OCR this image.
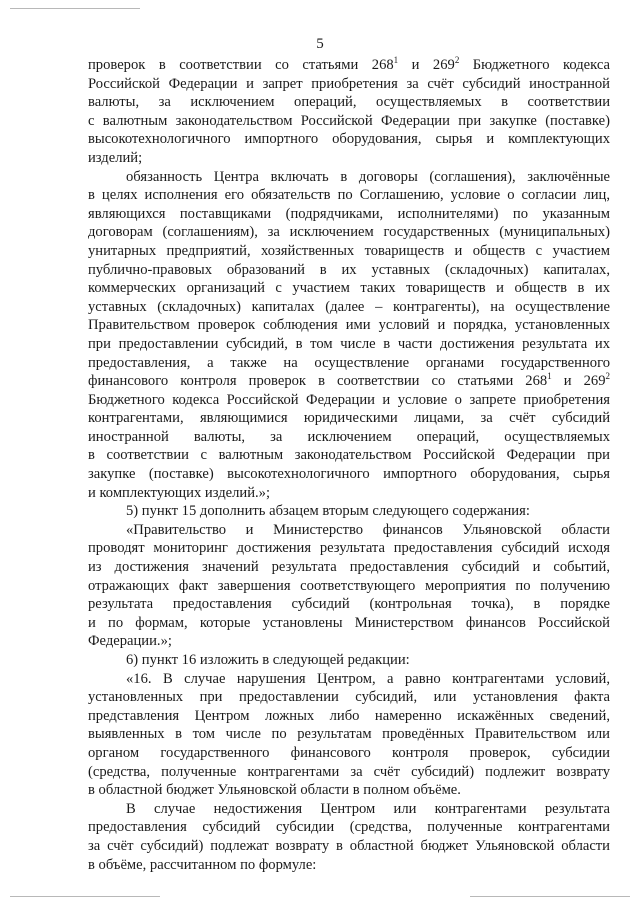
5
проверок в соответствии со статьями $268^1$ и $269^2$ Бюджетного кодекса
Российской Федерации и запрет приобретения за счёт субсидий иностранной
валюты, за исключением операций, осуществляемых в соответствии
с валютным законодательством Российской Федерации при закупке (поставке)
высокотехнологичного импортного оборудования, сырья и комплектующих
изделий;
обязанность Центра включать в договоры (соглашения), заключённые
в целях исполнения его обязательств по Соглашению, условие о согласии лиц,
являющихся поставщиками (подрядчиками, исполнителями) по указанным
договорам (соглашениям), за исключением государственных (муниципальных)
унитарных предприятий, хозяйственных товариществ и обществ с участием
публично-правовых образований в их уставных (складочных) капиталах,
коммерческих организаций с участием таких товариществ и обществ в их
уставных (складочных) капиталах (далее – контрагенты), на осуществление
Правительством проверок соблюдения ими условий и порядка, установленных
при предоставлении субсидий, в том числе в части достижения результата их
предоставления, а также на осуществление органами государственного
финансового контроля проверок в соответствии со статьями $268^1$ и $269^2$
Бюджетного кодекса Российской Федерации и условие о запрете приобретения
контрагентами, являющимися юридическими лицами, за счёт субсидий
иностранной валюты, за исключением операций, осуществляемых
в соответствии с валютным законодательством Российской Федерации при
закупке (поставке) высокотехнологичного импортного оборудования, сырья
и комплектующих изделий.»;
5) пункт 15 дополнить абзацем вторым следующего содержания:
«Правительство и Министерство финансов Ульяновской области
проводят мониторинг достижения результата предоставления субсидий исходя
из достижения значений результата предоставления субсидий и событий,
отражающих факт завершения соответствующего мероприятия по получению
результата предоставления субсидий (контрольная точка), в порядке
и по формам, которые установлены Министерством финансов Российской
Федерации.»;
6) пункт 16 изложить в следующей редакции:
«16. В случае нарушения Центром, а равно контрагентами условий,
установленных при предоставлении субсидий, или установления факта
представления Центром ложных либо намеренно искажённых сведений,
выявленных в том числе по результатам проведённых Правительством или
органом государственного финансового контроля проверок, субсидии
(средства, полученные контрагентами за счёт субсидий) подлежит возврату
в областной бюджет Ульяновской области в полном объёме.
В случае недостижения Центром или контрагентами результата
предоставления субсидий субсидии (средства, полученные контрагентами
за счёт субсидий) подлежат возврату в областной бюджет Ульяновской области
в объёме, рассчитанном по формуле:
